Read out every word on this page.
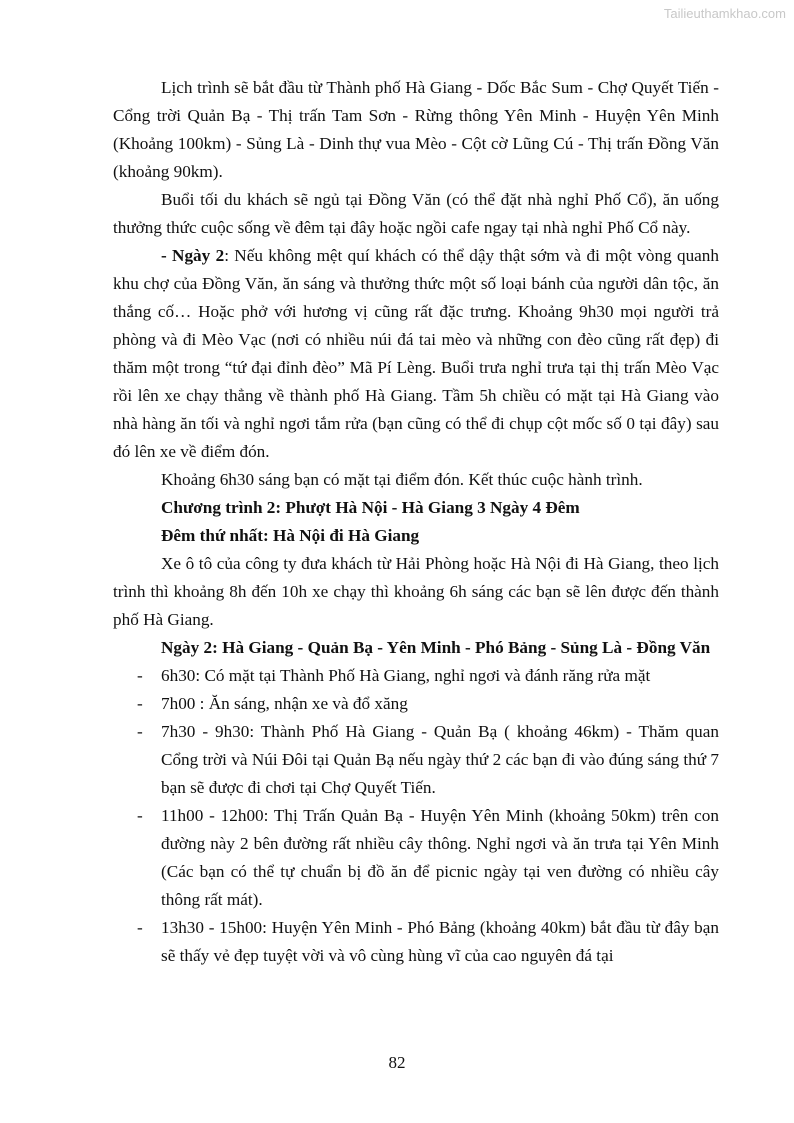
Tailieuthamkhao.com

Lịch trình sẽ bắt đầu từ Thành phố Hà Giang - Dốc Bắc Sum - Chợ Quyết Tiến - Cổng trời Quản Bạ - Thị trấn Tam Sơn - Rừng thông Yên Minh - Huyện Yên Minh (Khoảng 100km) - Sủng Là - Dinh thự vua Mèo - Cột cờ Lũng Cú - Thị trấn Đồng Văn (khoảng 90km).

Buổi tối du khách sẽ ngủ tại Đồng Văn (có thể đặt nhà nghỉ Phố Cổ), ăn uống thưởng thức cuộc sống về đêm tại đây hoặc ngồi cafe ngay tại nhà nghỉ Phố Cổ này.

- Ngày 2: Nếu không mệt quí khách có thể dậy thật sớm và đi một vòng quanh khu chợ của Đồng Văn, ăn sáng và thưởng thức một số loại bánh của người dân tộc, ăn thắng cố… Hoặc phở với hương vị cũng rất đặc trưng. Khoảng 9h30 mọi người trả phòng và đi Mèo Vạc (nơi có nhiều núi đá tai mèo và những con đèo cũng rất đẹp) đi thăm một trong “tứ đại đỉnh đèo” Mã Pí Lèng. Buổi trưa nghỉ trưa tại thị trấn Mèo Vạc rồi lên xe chạy thẳng về thành phố Hà Giang. Tầm 5h chiều có mặt tại Hà Giang vào nhà hàng ăn tối và nghỉ ngơi tắm rửa (bạn cũng có thể đi chụp cột mốc số 0 tại đây) sau đó lên xe về điểm đón.

Khoảng 6h30 sáng bạn có mặt tại điểm đón. Kết thúc cuộc hành trình.

Chương trình 2: Phượt Hà Nội - Hà Giang 3 Ngày 4 Đêm

Đêm thứ nhất: Hà Nội đi Hà Giang

Xe ô tô của công ty đưa khách từ Hải Phòng hoặc Hà Nội đi Hà Giang, theo lịch trình thì khoảng 8h đến 10h xe chạy thì khoảng 6h sáng các bạn sẽ lên được đến thành phố Hà Giang.

Ngày 2: Hà Giang - Quản Bạ - Yên Minh - Phó Bảng - Sủng Là - Đồng Văn

- 6h30: Có mặt tại Thành Phố Hà Giang, nghỉ ngơi và đánh răng rửa mặt
- 7h00 : Ăn sáng, nhận xe và đổ xăng
- 7h30 - 9h30: Thành Phố Hà Giang - Quản Bạ ( khoảng 46km) - Thăm quan Cổng trời và Núi Đôi tại Quản Bạ nếu ngày thứ 2 các bạn đi vào đúng sáng thứ 7 bạn sẽ được đi chơi tại Chợ Quyết Tiến.
- 11h00 - 12h00: Thị Trấn Quản Bạ - Huyện Yên Minh (khoảng 50km) trên con đường này 2 bên đường rất nhiều cây thông. Nghỉ ngơi và ăn trưa tại Yên Minh (Các bạn có thể tự chuẩn bị đồ ăn để picnic ngày tại ven đường có nhiều cây thông rất mát).
- 13h30 - 15h00: Huyện Yên Minh - Phó Bảng (khoảng 40km) bắt đầu từ đây bạn sẽ thấy vẻ đẹp tuyệt vời và vô cùng hùng vĩ của cao nguyên đá tại
82
